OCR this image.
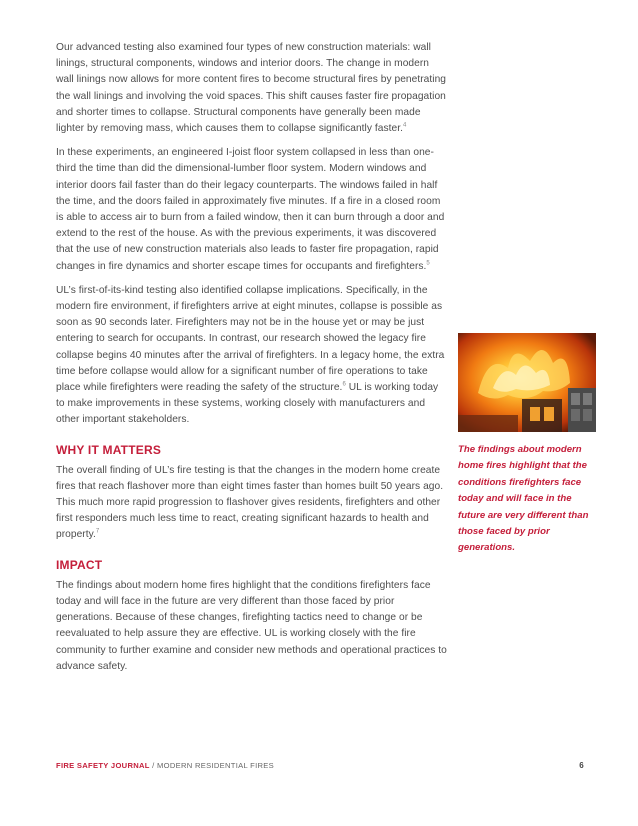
Our advanced testing also examined four types of new construction materials: wall linings, structural components, windows and interior doors. The change in modern wall linings now allows for more content fires to become structural fires by penetrating the wall linings and involving the void spaces. This shift causes faster fire propagation and shorter times to collapse. Structural components have generally been made lighter by removing mass, which causes them to collapse significantly faster.$^4$

In these experiments, an engineered I-joist floor system collapsed in less than one-third the time than did the dimensional-lumber floor system. Modern windows and interior doors fail faster than do their legacy counterparts. The windows failed in half the time, and the doors failed in approximately five minutes. If a fire in a closed room is able to access air to burn from a failed window, then it can burn through a door and extend to the rest of the house. As with the previous experiments, it was discovered that the use of new construction materials also leads to faster fire propagation, rapid changes in fire dynamics and shorter escape times for occupants and firefighters.$^5$

UL’s first-of-its-kind testing also identified collapse implications. Specifically, in the modern fire environment, if firefighters arrive at eight minutes, collapse is possible as soon as 90 seconds later. Firefighters may not be in the house yet or may be just entering to search for occupants. In contrast, our research showed the legacy fire collapse begins 40 minutes after the arrival of firefighters. In a legacy home, the extra time before collapse would allow for a significant number of fire operations to take place while firefighters were reading the safety of the structure.$^6$ UL is working today to make improvements in these systems, working closely with manufacturers and other important stakeholders.

WHY IT MATTERS

The overall finding of UL’s fire testing is that the changes in the modern home create fires that reach flashover more than eight times faster than homes built 50 years ago. This much more rapid progression to flashover gives residents, firefighters and other first responders much less time to react, creating significant hazards to health and property.$^7$

IMPACT

The findings about modern home fires highlight that the conditions firefighters face today and will face in the future are very different than those faced by prior generations. Because of these changes, firefighting tactics need to change or be reevaluated to help assure they are effective. UL is working closely with the fire community to further examine and consider new methods and operational practices to advance safety.

The findings about modern home fires highlight that the conditions firefighters face today and will face in the future are very different than those faced by prior generations.
FIRE SAFETY JOURNAL / MODERN RESIDENTIAL FIRES	6
